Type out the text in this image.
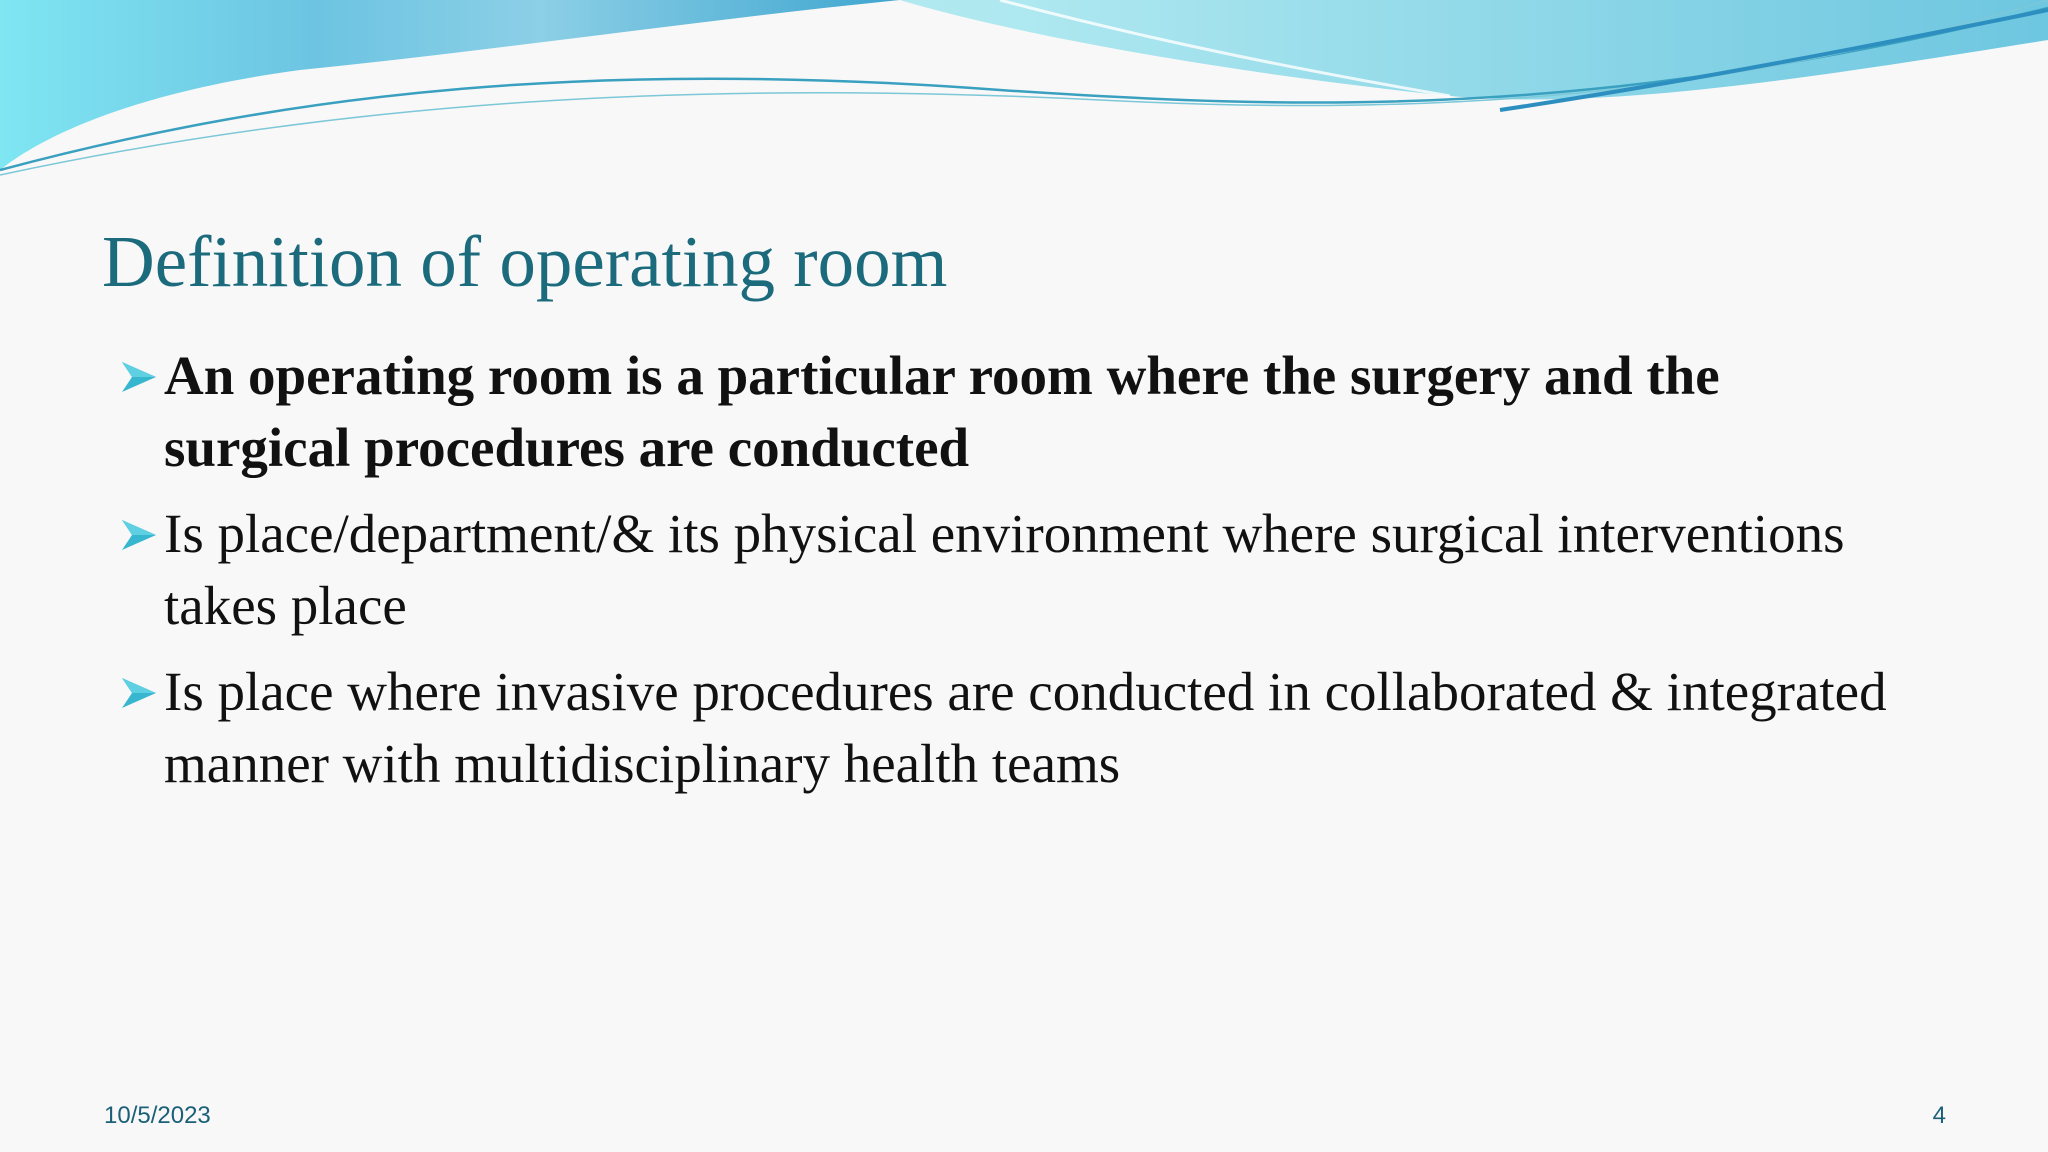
Definition of operating room
An operating room is a particular room where the surgery and the surgical procedures are conducted
Is place/department/& its physical environment where surgical interventions takes place
Is place where invasive procedures are conducted in collaborated & integrated manner with multidisciplinary health teams
10/5/2023	4
